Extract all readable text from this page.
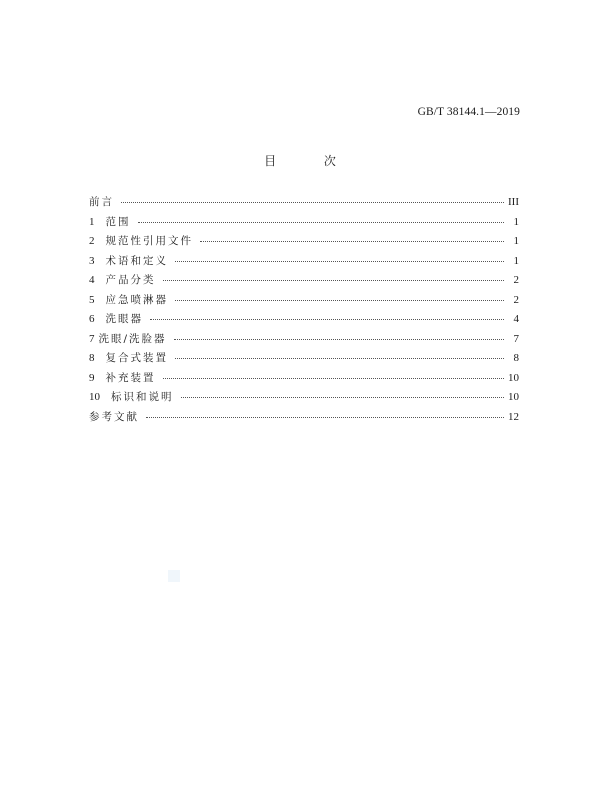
GB/T 38144.1—2019
目 次
前言	III
1 范围	1
2 规范性引用文件	1
3 术语和定义	1
4 产品分类	2
5 应急喷淋器	2
6 洗眼器	4
7 洗眼/洗脸器	7
8 复合式装置	8
9 补充装置	10
10 标识和说明	10
参考文献	12
